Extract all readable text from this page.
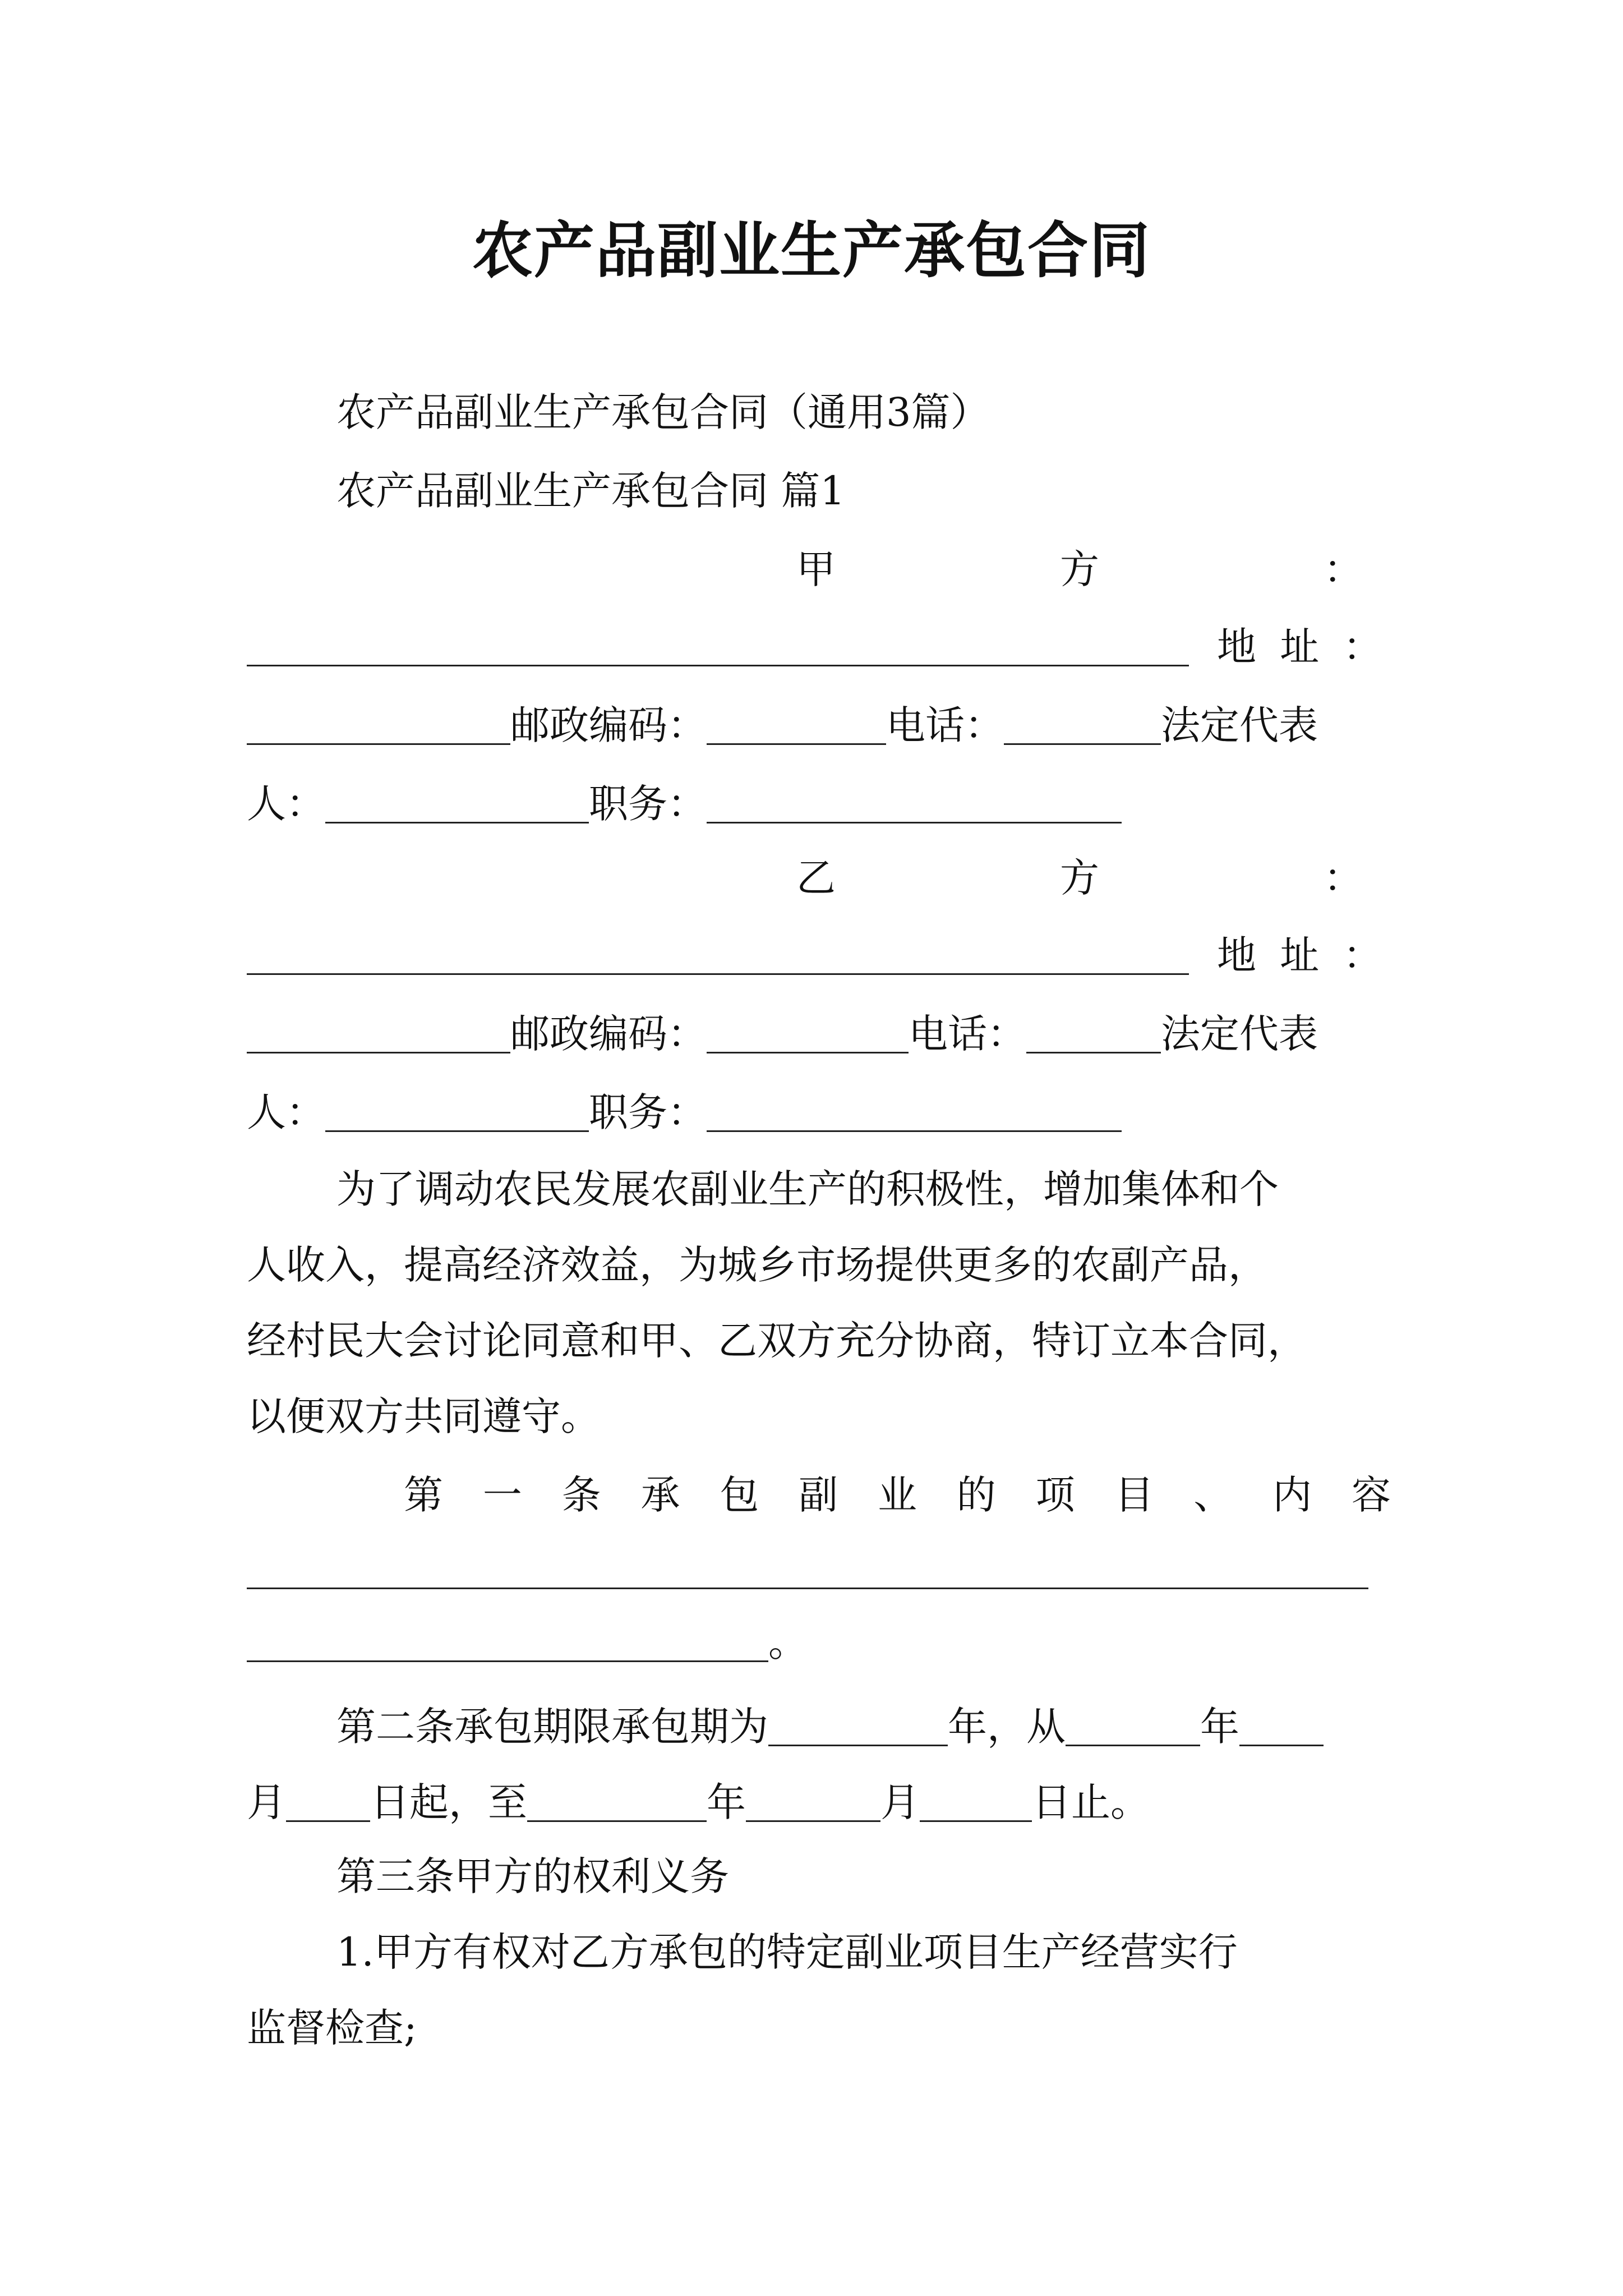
农产品副业生产承包合同
农产品副业生产承包合同（通用3篇）
农产品副业生产承包合同 篇1
甲	方	：
地 址 ：
邮政编码：	电话：	法定代表
人：	职务：
乙	方	：
地 址 ：
邮政编码：	电话：	法定代表
人：	职务：
为了调动农民发展农副业生产的积极性，增加集体和个
人收入，提高经济效益，为城乡市场提供更多的农副产品，
经村民大会讨论同意和甲、乙双方充分协商，特订立本合同，
以便双方共同遵守。
第 一 条 承 包 副 业 的 项 目 、 内 容
。
第二条承包期限承包期为	年，从	年
月 日起，至	年	月	日止。
第三条甲方的权利义务
1.甲方有权对乙方承包的特定副业项目生产经营实行
监督检查;
